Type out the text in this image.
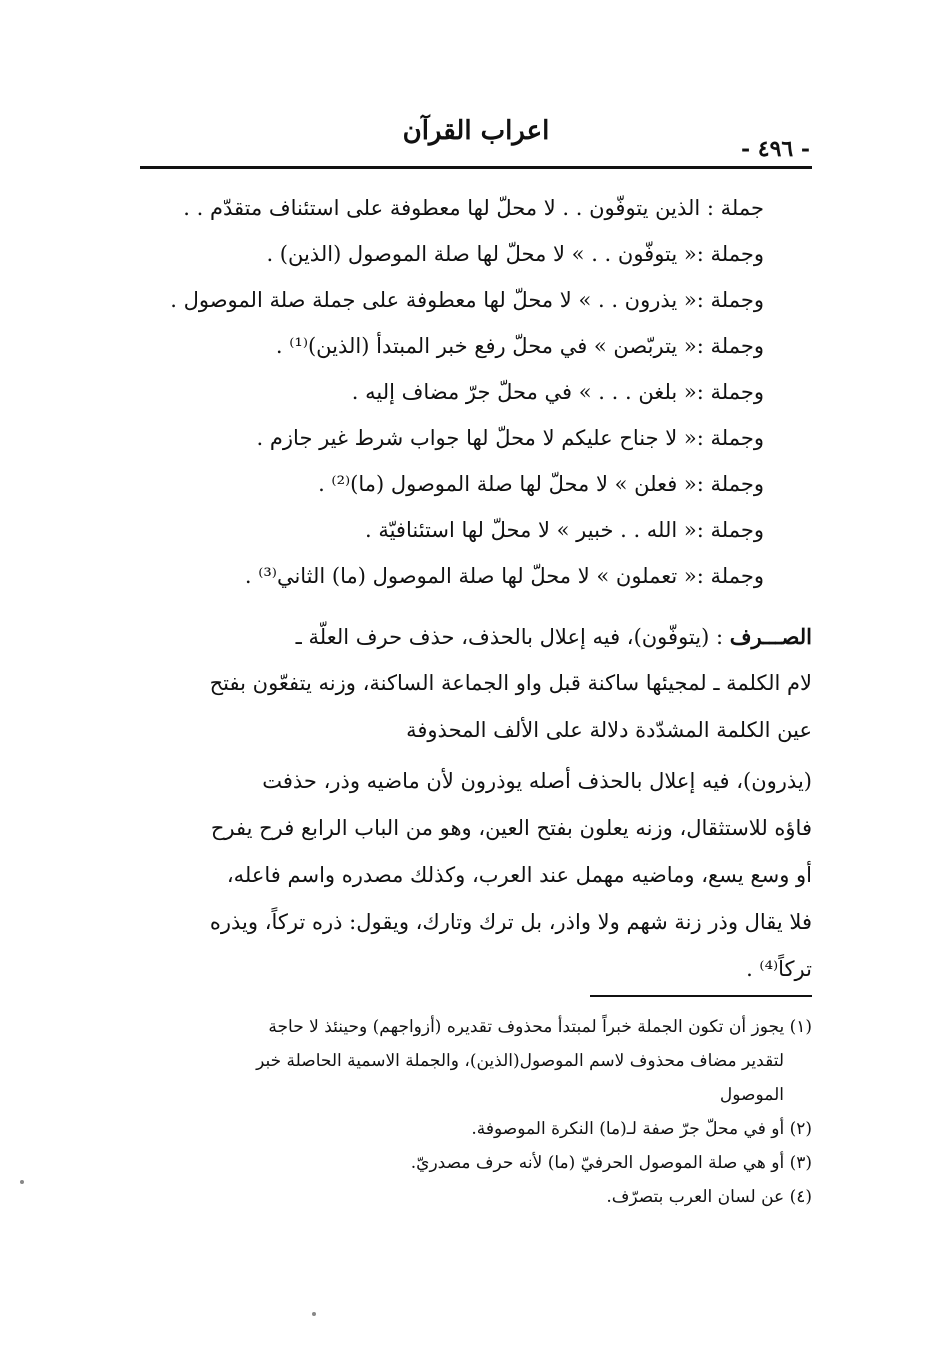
اعراب القرآن
- ٤٩٦ -

جملة : الذين يتوفّون . . لا محلّ لها معطوفة على استئناف متقدّم . .

وجملة :« يتوفّون . . » لا محلّ لها صلة الموصول (الذين) .

وجملة :« يذرون . . » لا محلّ لها معطوفة على جملة صلة الموصول .

وجملة :« يتربّصن » في محلّ رفع خبر المبتدأ (الذين)⁽¹⁾ .

وجملة :« بلغن . . . » في محلّ جرّ مضاف إليه .

وجملة :« لا جناح عليكم لا محلّ لها جواب شرط غير جازم .

وجملة :« فعلن » لا محلّ لها صلة الموصول (ما)⁽²⁾ .

وجملة :« الله . . خبير » لا محلّ لها استئنافيّة .

وجملة :« تعملون » لا محلّ لها صلة الموصول (ما) الثاني⁽³⁾ .

الصـــرف : (يتوفّون)، فيه إعلال بالحذف، حذف حرف العلّة ـ
لام الكلمة ـ لمجيئها ساكنة قبل واو الجماعة الساكنة، وزنه يتفعّون بفتح
عين الكلمة المشدّدة دلالة على الألف المحذوفة
(يذرون)، فيه إعلال بالحذف أصله يوذرون لأن ماضيه وذر، حذفت
فاؤه للاستثقال، وزنه يعلون بفتح العين، وهو من الباب الرابع فرح يفرح
أو وسع يسع، وماضيه مهمل عند العرب، وكذلك مصدره واسم فاعله،
فلا يقال وذر زنة شهم ولا واذر، بل ترك وتارك، ويقول: ذره تركاً، ويذره
تركاً⁽⁴⁾ .

(١) يجوز أن تكون الجملة خبراً لمبتدأ محذوف تقديره (أزواجهم) وحينئذ لا حاجة

لتقدير مضاف محذوف لاسم الموصول(الذين)، والجملة الاسمية الحاصلة خبر

الموصول

(٢) أو في محلّ جرّ صفة لـ(ما) النكرة الموصوفة.

(٣) أو هي صلة الموصول الحرفيّ (ما) لأنه حرف مصدريّ.

(٤) عن لسان العرب بتصرّف.
